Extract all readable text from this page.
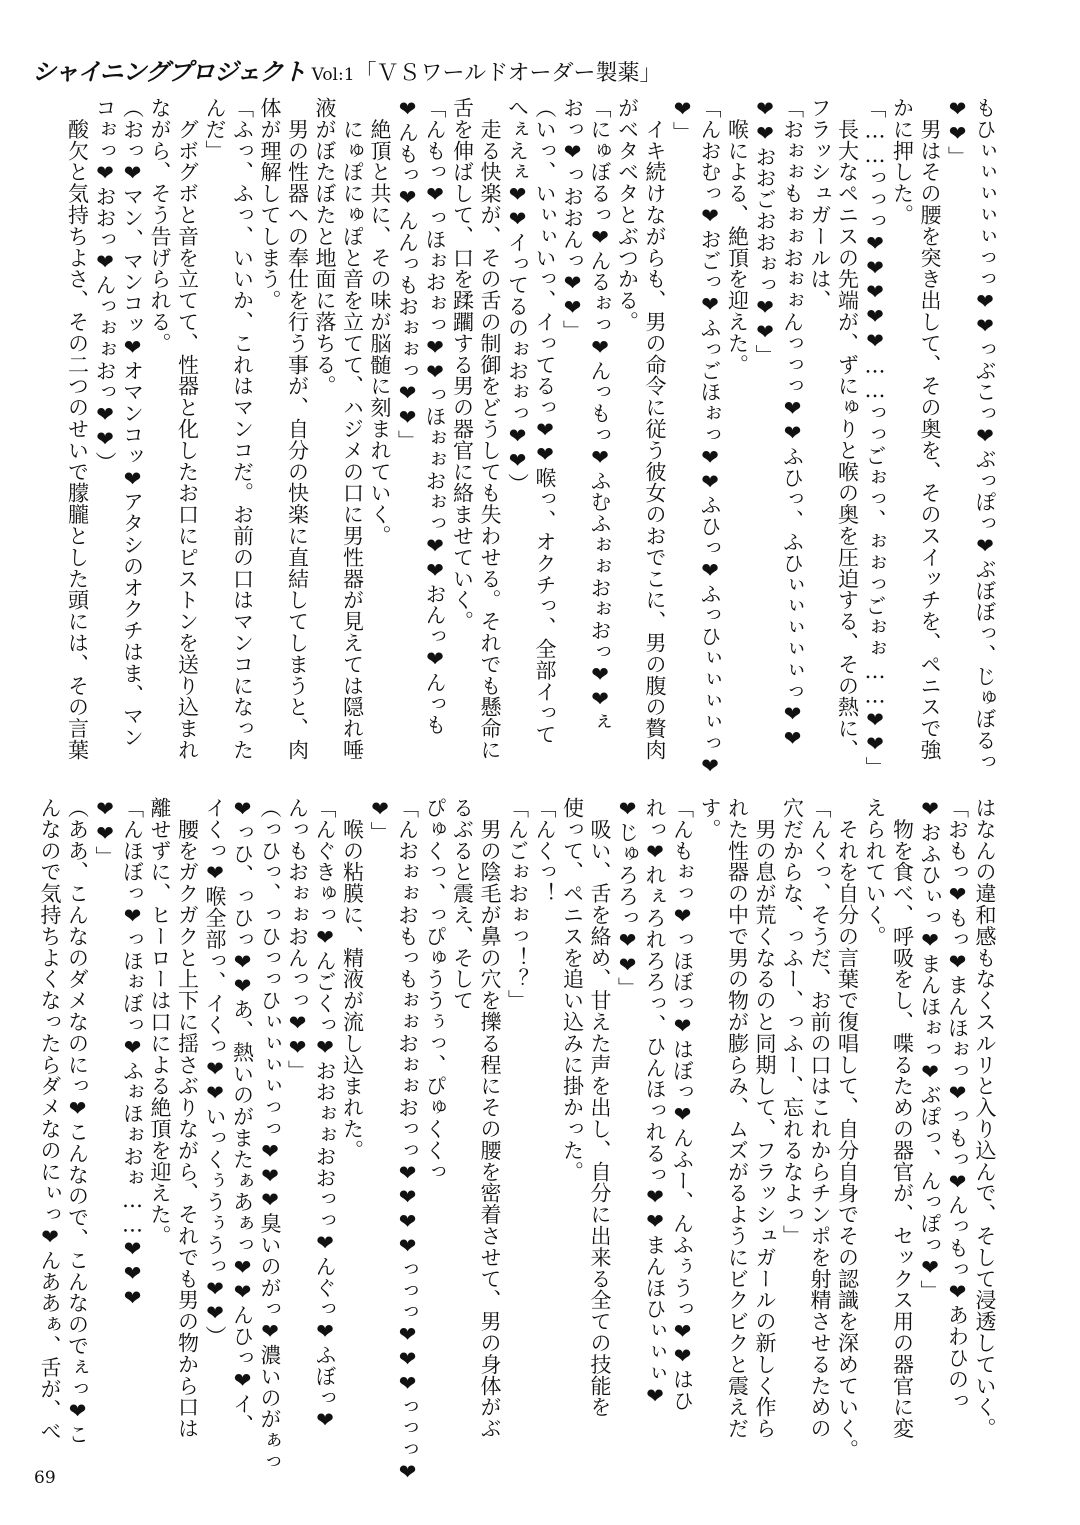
シャイニングプロジェクト Vol:1「ＶＳワールドオーダー製薬」
もひぃぃぃぃぃっっ❤❤っぶこっ❤ぶっぽっ❤ぶぼぼっ、じゅぼるっ
❤❤」
　男はその腰を突き出して、その奥を、そのスイッチを、ペニスで強
かに押した。
「……っっっ❤❤❤❤❤……っっごぉっ、ぉぉっごぉぉ……❤❤」
　長大なペニスの先端が、ずにゅりと喉の奥を圧迫する、その熱に、
フラッシュガールは、
「おぉぉもぉぉおぉぉんっっっ❤❤ふひっ、ふひぃぃぃぃぃっ❤❤
❤❤おおごおおぉっ❤❤」
　喉による、絶頂を迎えた。
「んおむっ❤おごっ❤ふっごほぉっ❤❤ふひっ❤ふっひぃぃぃぃっ❤
❤」
　イキ続けながらも、男の命令に従う彼女のおでこに、男の腹の贅肉
がベタベタとぶつかる。
「にゅぼるっ❤んるぉっ❤んっもっ❤ふむふぉぉおぉおっ❤❤ぇ
おっ❤っおおんっ❤❤」
（いっ、いぃぃいっ、イってるっ❤❤喉っ、オクチっ、全部イって
へぇえぇ❤❤イってるのぉおぉっ❤❤）
　走る快楽が、その舌の制御をどうしても失わせる。それでも懸命に
舌を伸ばして、口を蹂躙する男の器官に絡ませていく。
「んもっ❤っほぉおぉっ❤❤っほぉぉおぉっ❤❤おんっ❤んっも
❤んもっ❤んんっもおぉぉっ❤❤」
　絶頂と共に、その味が脳髄に刻まれていく。
　にゅぽにゅぽと音を立てて、ハジメの口に男性器が見えては隠れ唾
液がぼたぼたと地面に落ちる。
　男の性器への奉仕を行う事が、自分の快楽に直結してしまうと、肉
体が理解してしまう。
「ふっ、ふっ、いいか、これはマンコだ。お前の口はマンコになった
んだ」
　グボグボと音を立てて、性器と化したお口にピストンを送り込まれ
ながら、そう告げられる。
（おっ❤マン、マンコッ❤オマンコッ❤アタシのオクチはま、マン
コぉっ❤おおっ❤んっぉぉおっ❤❤）
　酸欠と気持ちよさ、その二つのせいで朦朧とした頭には、その言葉
はなんの違和感もなくスルリと入り込んで、そして浸透していく。
「おもっ❤もっ❤まんほぉっ❤っもっ❤んっもっ❤あわひのっ
❤おふひぃっ❤まんほぉっ❤ぶぽっ、んっぽっ❤」
　物を食べ、呼吸をし、喋るための器官が、セックス用の器官に変
えられていく。
　それを自分の言葉で復唱して、自分自身でその認識を深めていく。
「んくっ、そうだ、お前の口はこれからチンポを射精させるための
穴だからな、っふー、っふー、忘れるなよっ」
　男の息が荒くなるのと同期して、フラッシュガールの新しく作ら
れた性器の中で男の物が膨らみ、ムズがるようにビクビクと震えだ
す。
「んもぉっ❤っほぼっ❤はぼっ❤んふー、んふぅうっ❤❤はひ
れっ❤れぇろれろろっ、ひんほっれるっ❤❤まんほひぃぃぃ❤
❤じゅろろっ❤❤」
　吸い、舌を絡め、甘えた声を出し、自分に出来る全ての技能を
使って、ペニスを追い込みに掛かった。
「んくっ！
「んごぉおぉっ！？」
　男の陰毛が鼻の穴を擽る程にその腰を密着させて、男の身体がぶ
るぶると震え、そして
ぴゅくっ、っぴゅううぅっ、ぴゅくくっ
「んおぉぉおもっもぉぉおぉぉおっっ❤❤❤❤っっっ❤❤❤っっっ❤
❤」
　喉の粘膜に、精液が流し込まれた。
「んぐきゅっ❤んごくっ❤おおぉぉおおっっ❤んぐっ❤ふぼっ❤
んっもおぉぉおんっっ❤❤」
（っひっ、っひっっひぃぃぃぃっっ❤❤❤臭いのがっ❤濃いのがぁっ
❤っひ、っひっ❤❤あ、熱いのがまたぁあぁっ❤❤んひっ❤イ、
イくっ❤喉全部っ、イくっ❤❤いっくぅうぅうっ❤❤）
　腰をガクガクと上下に揺さぶりながら、それでも男の物から口は
離せずに、ヒーローは口による絶頂を迎えた。
「んほぼっ❤っほぉぼっ❤ふぉほぉおぉ……❤❤❤
❤❤」
（ああ、こんなのダメなのにっ❤こんなので、こんなのでぇっ❤こ
んなので気持ちよくなったらダメなのにぃっ❤んああぁ、舌が、べ
69
